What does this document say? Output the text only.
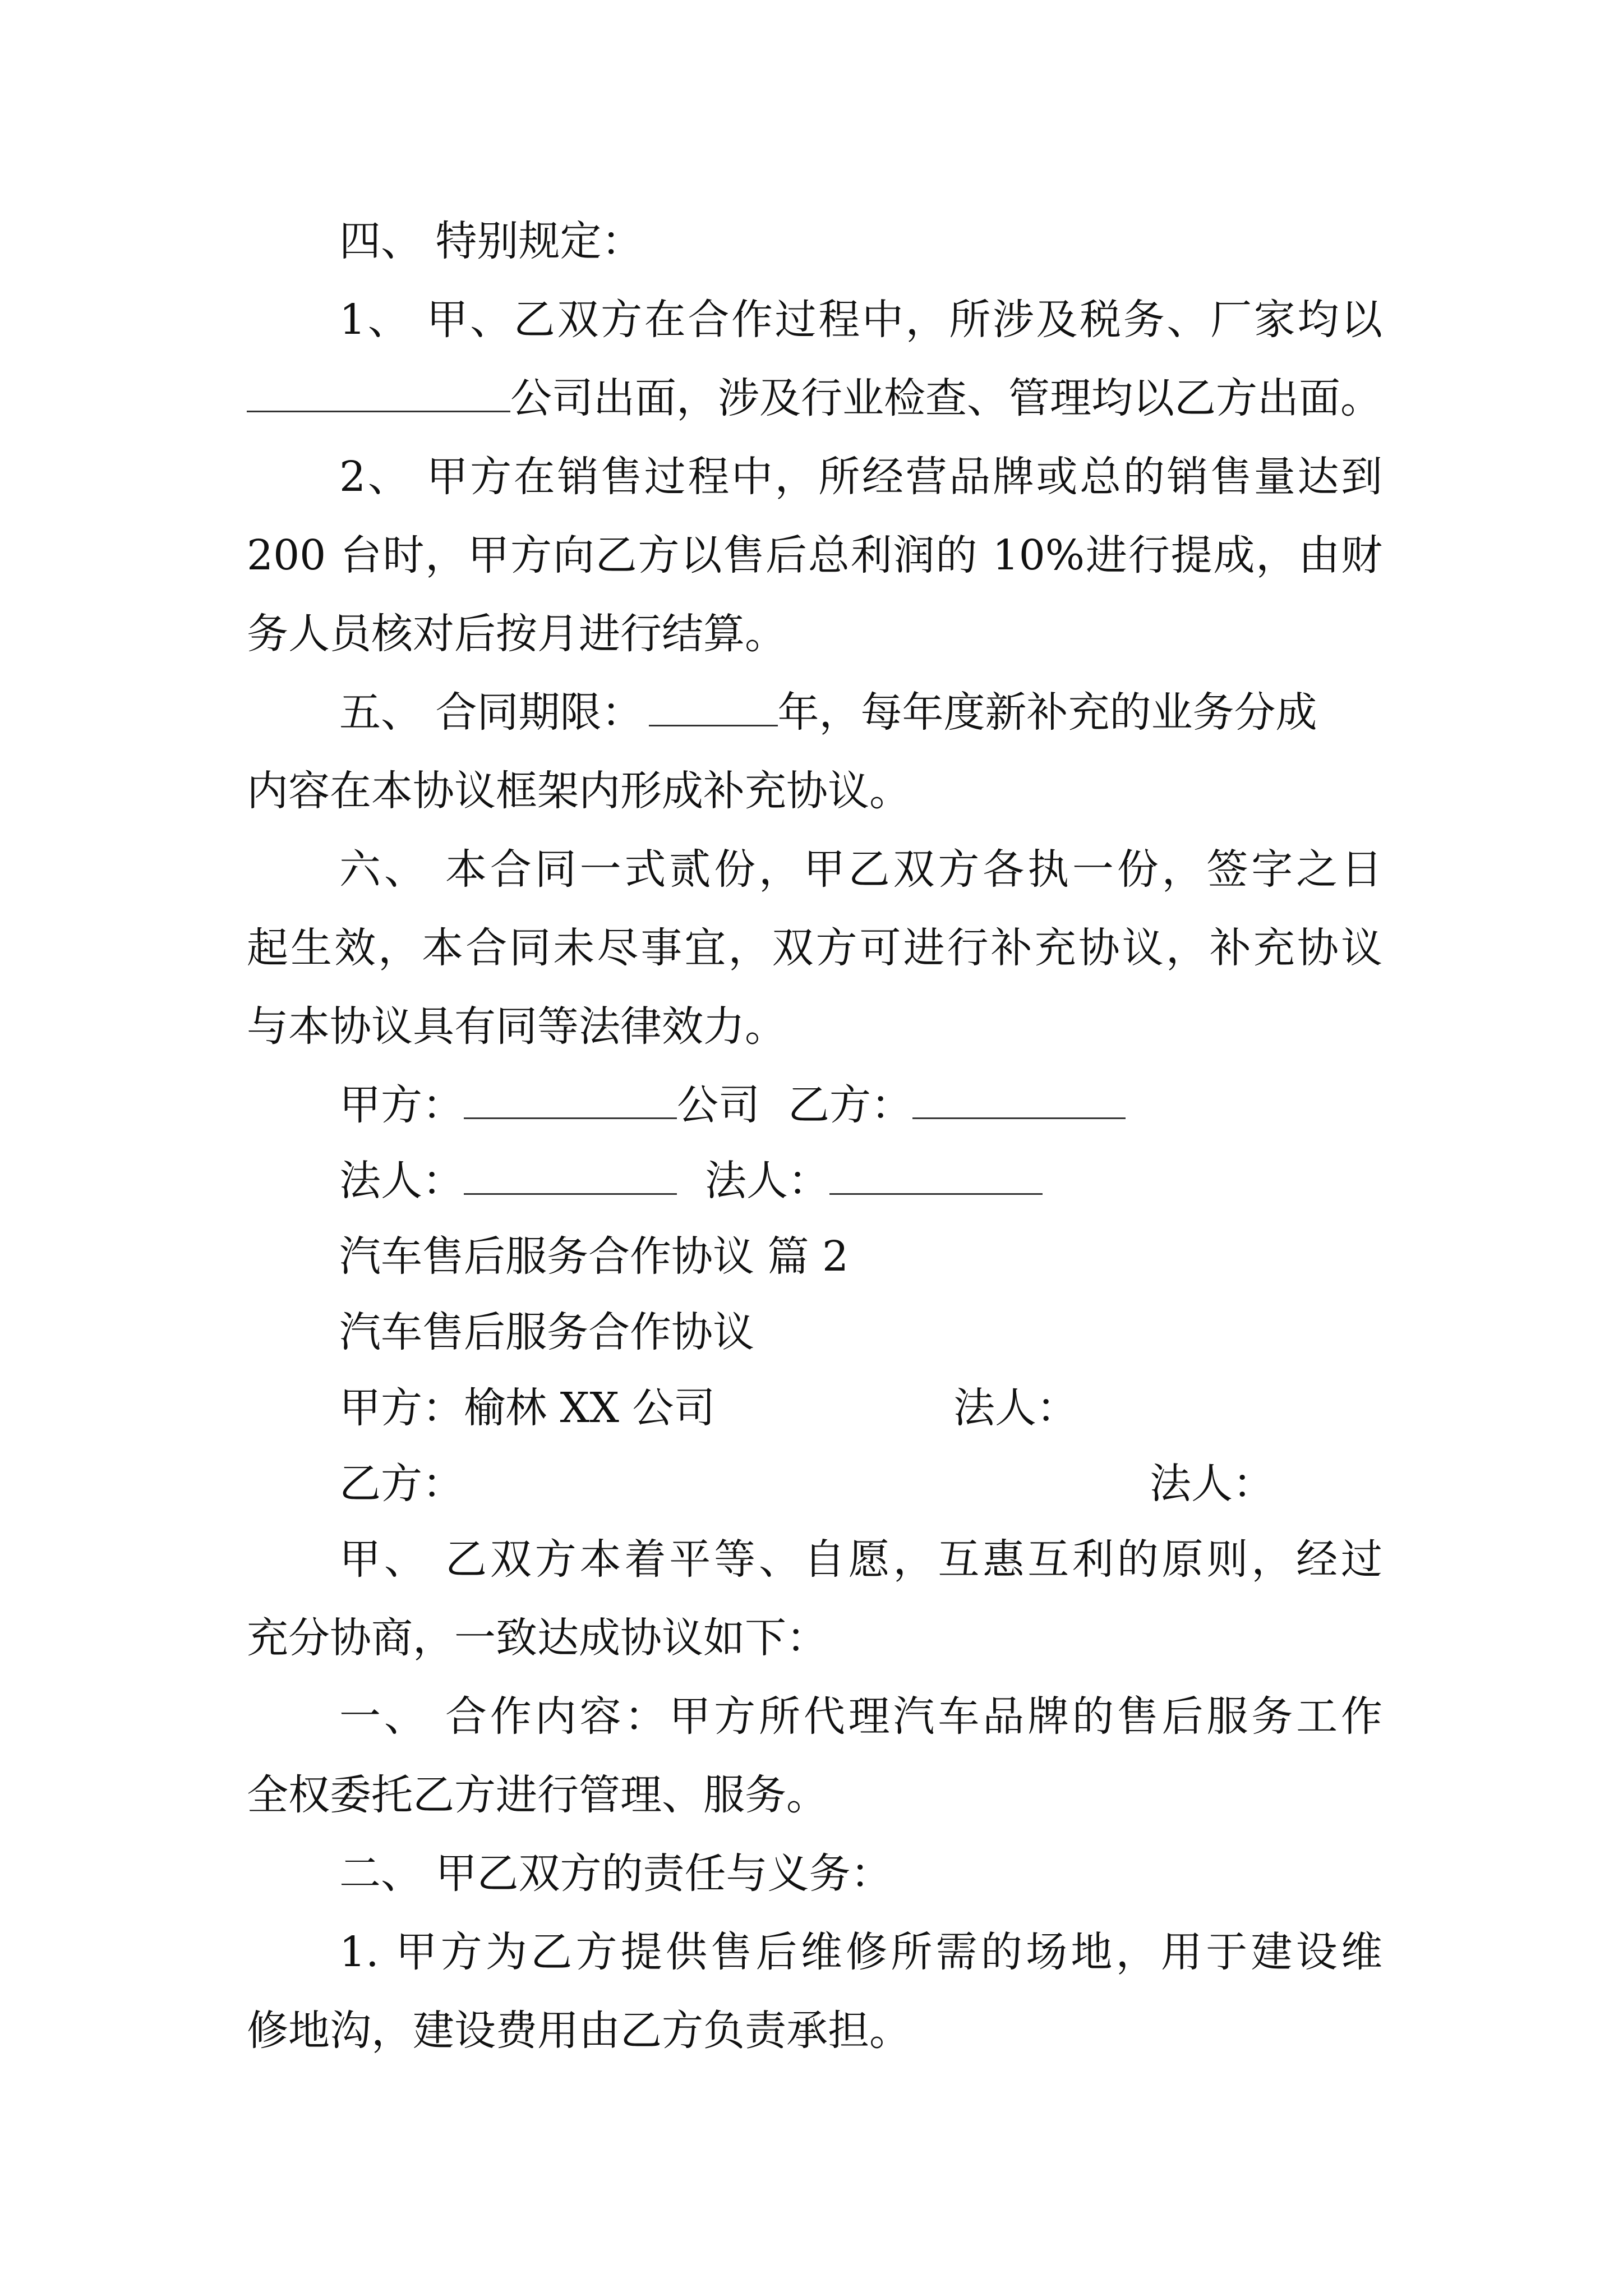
四、 特别规定：
1、 甲、乙双方在合作过程中，所涉及税务、厂家均以
公司出面，涉及行业检查、管理均以乙方出面。
2、 甲方在销售过程中，所经营品牌或总的销售量达到
200 台时，甲方向乙方以售后总利润的 10%进行提成，由财
务人员核对后按月进行结算。
五、 合同期限：	年，每年度新补充的业务分成
内容在本协议框架内形成补充协议。
六、 本合同一式贰份，甲乙双方各执一份，签字之日
起生效，本合同未尽事宜，双方可进行补充协议，补充协议
与本协议具有同等法律效力。
甲方：	公司 乙方：
法人：	法人：
汽车售后服务合作协议 篇 2
汽车售后服务合作协议
甲方：榆林 XX 公司	法人：
乙方：	法人：
甲、 乙双方本着平等、自愿，互惠互利的原则，经过
充分协商，一致达成协议如下：
一、 合作内容：甲方所代理汽车品牌的售后服务工作
全权委托乙方进行管理、服务。
二、 甲乙双方的责任与义务：
1. 甲方为乙方提供售后维修所需的场地，用于建设维
修地沟，建设费用由乙方负责承担。
